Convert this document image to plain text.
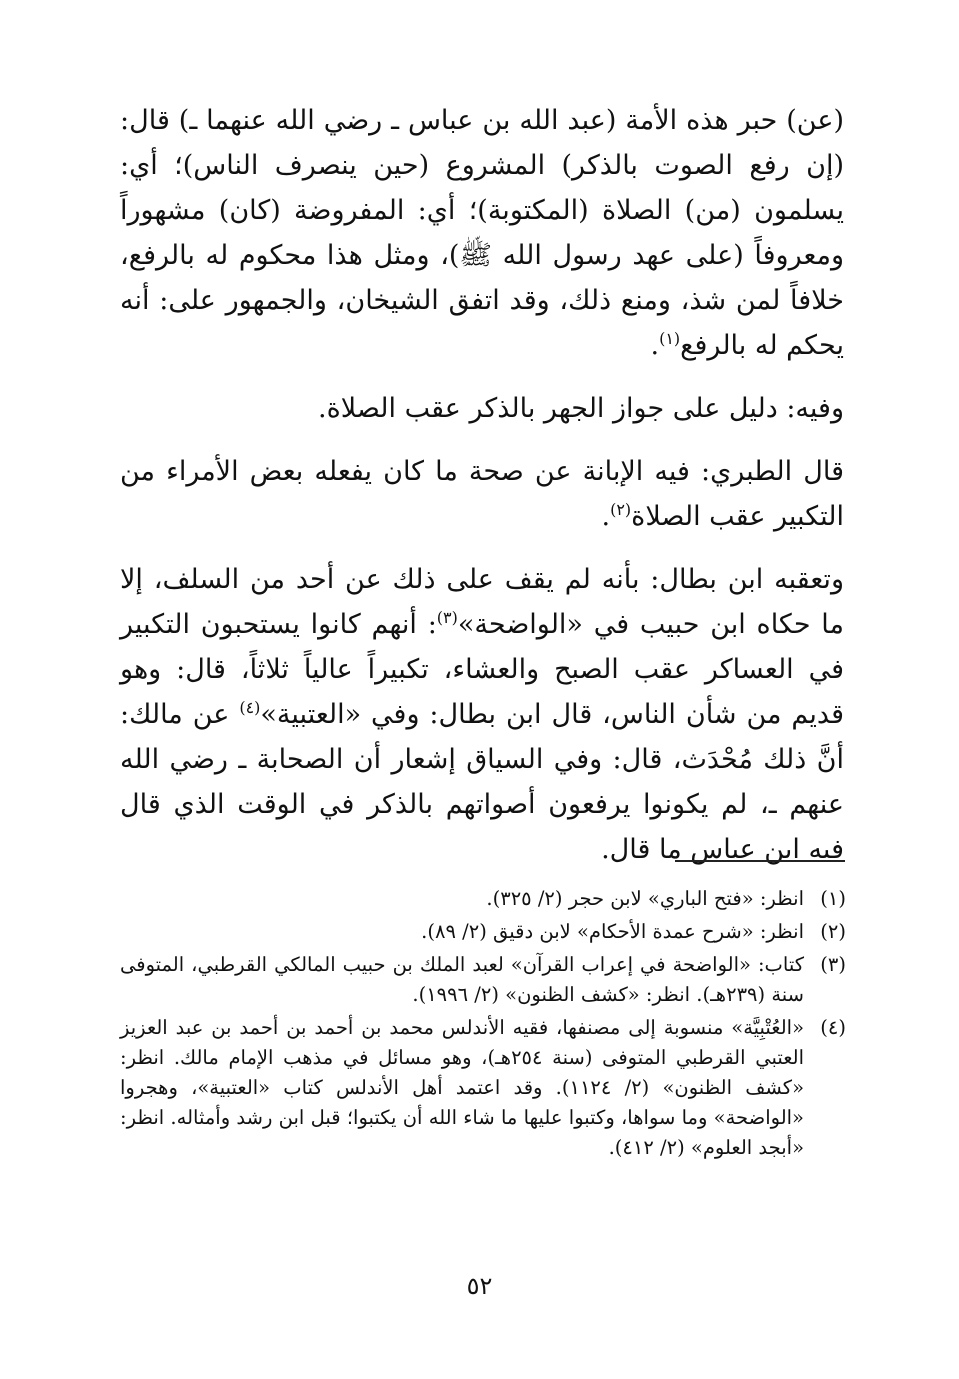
(عن) حبر هذه الأمة (عبد الله بن عباس ـ رضي الله عنهما ـ) قال: (إن رفع الصوت بالذكر) المشروع (حين ينصرف الناس)؛ أي: يسلمون (من) الصلاة (المكتوبة)؛ أي: المفروضة (كان) مشهوراً ومعروفاً (على عهد رسول الله ﷺ)، ومثل هذا محكوم له بالرفع، خلافاً لمن شذ، ومنع ذلك، وقد اتفق الشيخان، والجمهور على: أنه يحكم له بالرفع$^{(١)}$.

وفيه: دليل على جواز الجهر بالذكر عقب الصلاة.

قال الطبري: فيه الإبانة عن صحة ما كان يفعله بعض الأمراء من التكبير عقب الصلاة$^{(٢)}$.

وتعقبه ابن بطال: بأنه لم يقف على ذلك عن أحد من السلف، إلا ما حكاه ابن حبيب في «الواضحة»$^{(٣)}$: أنهم كانوا يستحبون التكبير في العساكر عقب الصبح والعشاء، تكبيراً عالياً ثلاثاً، قال: وهو قديم من شأن الناس، قال ابن بطال: وفي «العتبية»$^{(٤)}$ عن مالك: أنَّ ذلك مُحْدَث، قال: وفي السياق إشعار أن الصحابة ـ رضي الله عنهم ـ، لم يكونوا يرفعون أصواتهم بالذكر في الوقت الذي قال فيه ابن عباس ما قال.

(١)
انظر: «فتح الباري» لابن حجر (٢/ ٣٢٥).
(٢)
انظر: «شرح عمدة الأحكام» لابن دقيق (٢/ ٨٩).
(٣)
كتاب: «الواضحة في إعراب القرآن» لعبد الملك بن حبيب المالكي القرطبي، المتوفى سنة (٢٣٩هـ). انظر: «كشف الظنون» (٢/ ١٩٩٦).
(٤)
«العُتْبِيَّة» منسوبة إلى مصنفها، فقيه الأندلس محمد بن أحمد بن أحمد بن عبد العزيز العتبي القرطبي المتوفى (سنة ٢٥٤هـ)، وهو مسائل في مذهب الإمام مالك. انظر: «كشف الظنون» (٢/ ١١٢٤). وقد اعتمد أهل الأندلس كتاب «العتبية»، وهجروا «الواضحة» وما سواها، وكتبوا عليها ما شاء الله أن يكتبوا؛ قبل ابن رشد وأمثاله. انظر: «أبجد العلوم» (٢/ ٤١٢).
٥٢
